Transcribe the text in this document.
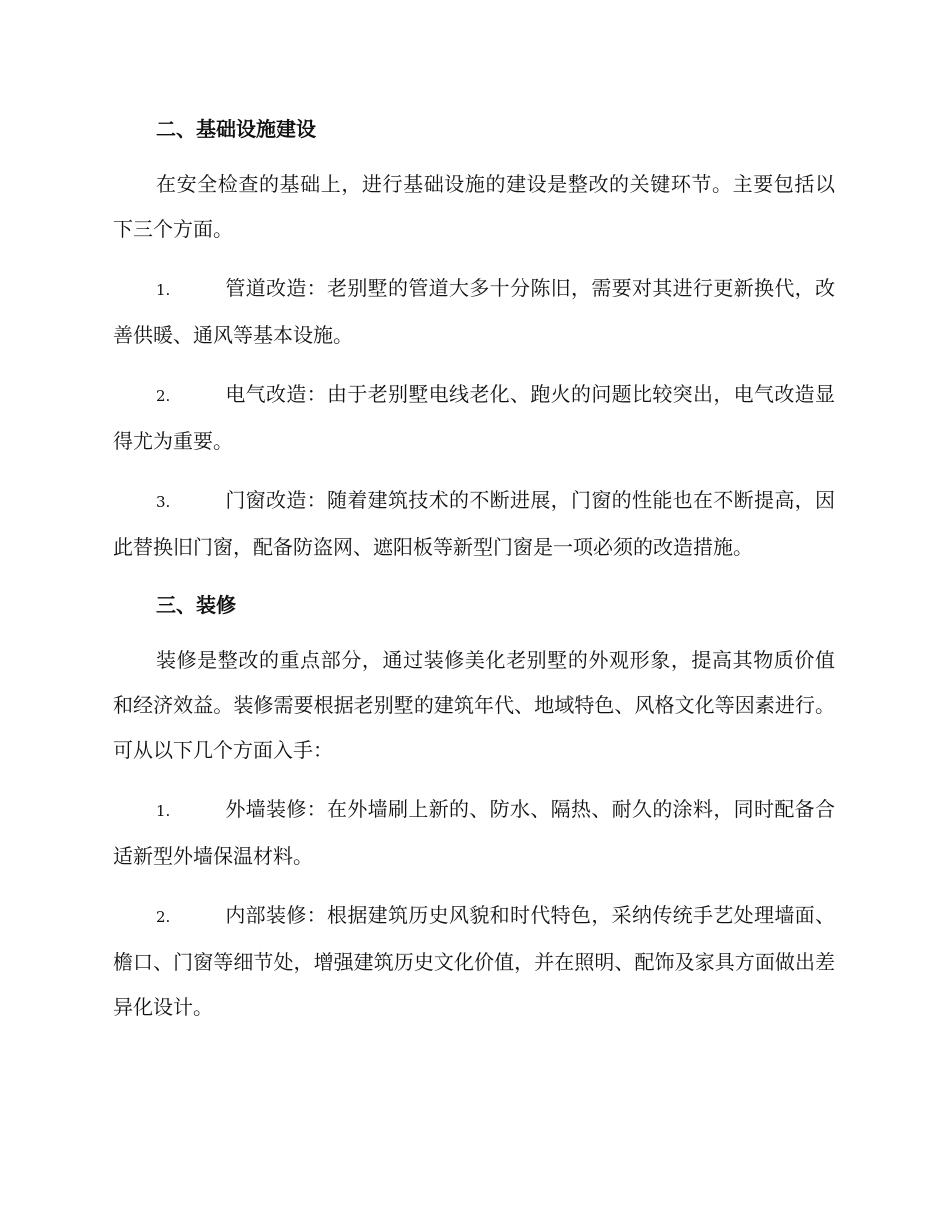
二、基础设施建设

在安全检查的基础上，进行基础设施的建设是整改的关键环节。主要包括以下三个方面。

1.	管道改造：老别墅的管道大多十分陈旧，需要对其进行更新换代，改善供暖、通风等基本设施。

2.	电气改造：由于老别墅电线老化、跑火的问题比较突出，电气改造显得尤为重要。

3.	门窗改造：随着建筑技术的不断进展，门窗的性能也在不断提高，因此替换旧门窗，配备防盗网、遮阳板等新型门窗是一项必须的改造措施。

三、装修

装修是整改的重点部分，通过装修美化老别墅的外观形象，提高其物质价值和经济效益。装修需要根据老别墅的建筑年代、地域特色、风格文化等因素进行。可从以下几个方面入手：

1.	外墙装修：在外墙刷上新的、防水、隔热、耐久的涂料，同时配备合适新型外墙保温材料。

2.	内部装修：根据建筑历史风貌和时代特色，采纳传统手艺处理墙面、檐口、门窗等细节处，增强建筑历史文化价值，并在照明、配饰及家具方面做出差异化设计。
